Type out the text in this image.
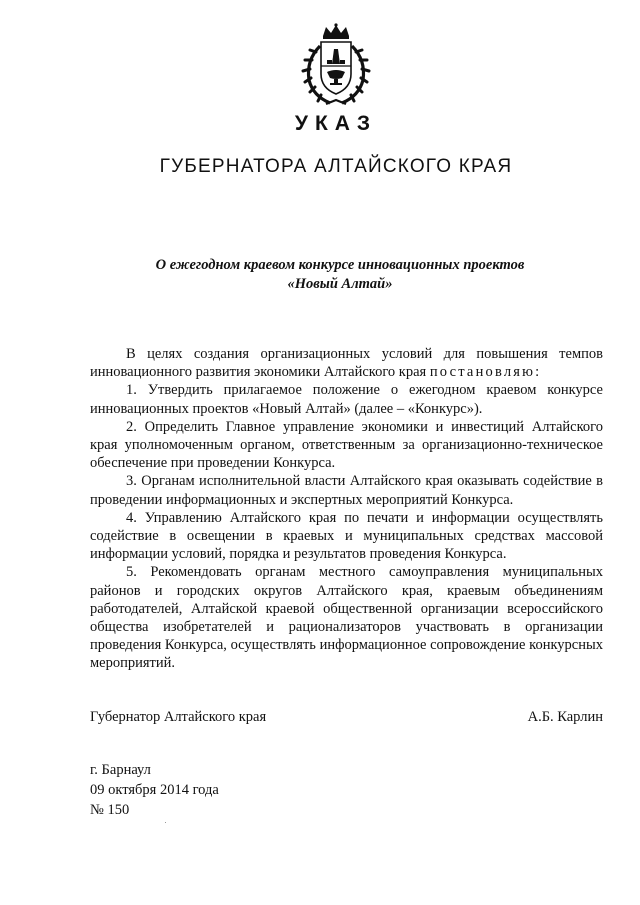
УКАЗ
ГУБЕРНАТОРА АЛТАЙСКОГО КРАЯ
О ежегодном краевом конкурсе инновационных проектов
«Новый Алтай»

В целях создания организационных условий для повышения темпов инновационного развития экономики Алтайского края постановляю:

1. Утвердить прилагаемое положение о ежегодном краевом конкурсе инновационных проектов «Новый Алтай» (далее – «Конкурс»).

2. Определить Главное управление экономики и инвестиций Алтайского края уполномоченным органом, ответственным за организационно-техническое обеспечение при проведении Конкурса.

3. Органам исполнительной власти Алтайского края оказывать содействие в проведении информационных и экспертных мероприятий Конкурса.

4. Управлению Алтайского края по печати и информации осуществлять содействие в освещении в краевых и муниципальных средствах массовой информации условий, порядка и результатов проведения Конкурса.

5. Рекомендовать органам местного самоуправления муниципальных районов и городских округов Алтайского края, краевым объединениям работодателей, Алтайской краевой общественной организации всероссийского общества изобретателей и рационализаторов участвовать в организации проведения Конкурса, осуществлять информационное сопровождение конкурсных мероприятий.

Губернатор Алтайского края	А.Б. Карлин
г. Барнаул
09 октября 2014 года
№ 150
